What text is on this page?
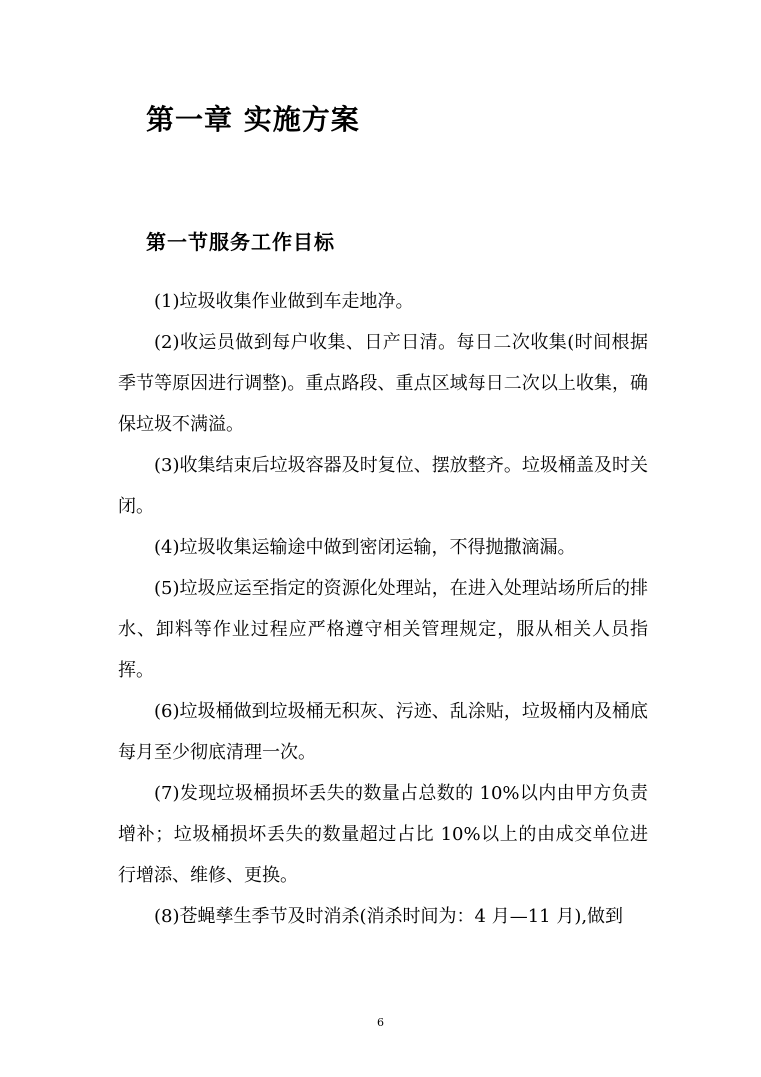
第一章 实施方案
第一节服务工作目标

(1)垃圾收集作业做到车走地净。

(2)收运员做到每户收集、日产日清。每日二次收集(时间根据季节等原因进行调整)。重点路段、重点区域每日二次以上收集，确保垃圾不满溢。

(3)收集结束后垃圾容器及时复位、摆放整齐。垃圾桶盖及时关闭。

(4)垃圾收集运输途中做到密闭运输，不得抛撒滴漏。

(5)垃圾应运至指定的资源化处理站，在进入处理站场所后的排水、卸料等作业过程应严格遵守相关管理规定，服从相关人员指挥。

(6)垃圾桶做到垃圾桶无积灰、污迹、乱涂贴，垃圾桶内及桶底每月至少彻底清理一次。

(7)发现垃圾桶损坏丢失的数量占总数的 10%以内由甲方负责增补；垃圾桶损坏丢失的数量超过占比 10%以上的由成交单位进行增添、维修、更换。

(8)苍蝇孳生季节及时消杀(消杀时间为：4 月—11 月),做到

6
